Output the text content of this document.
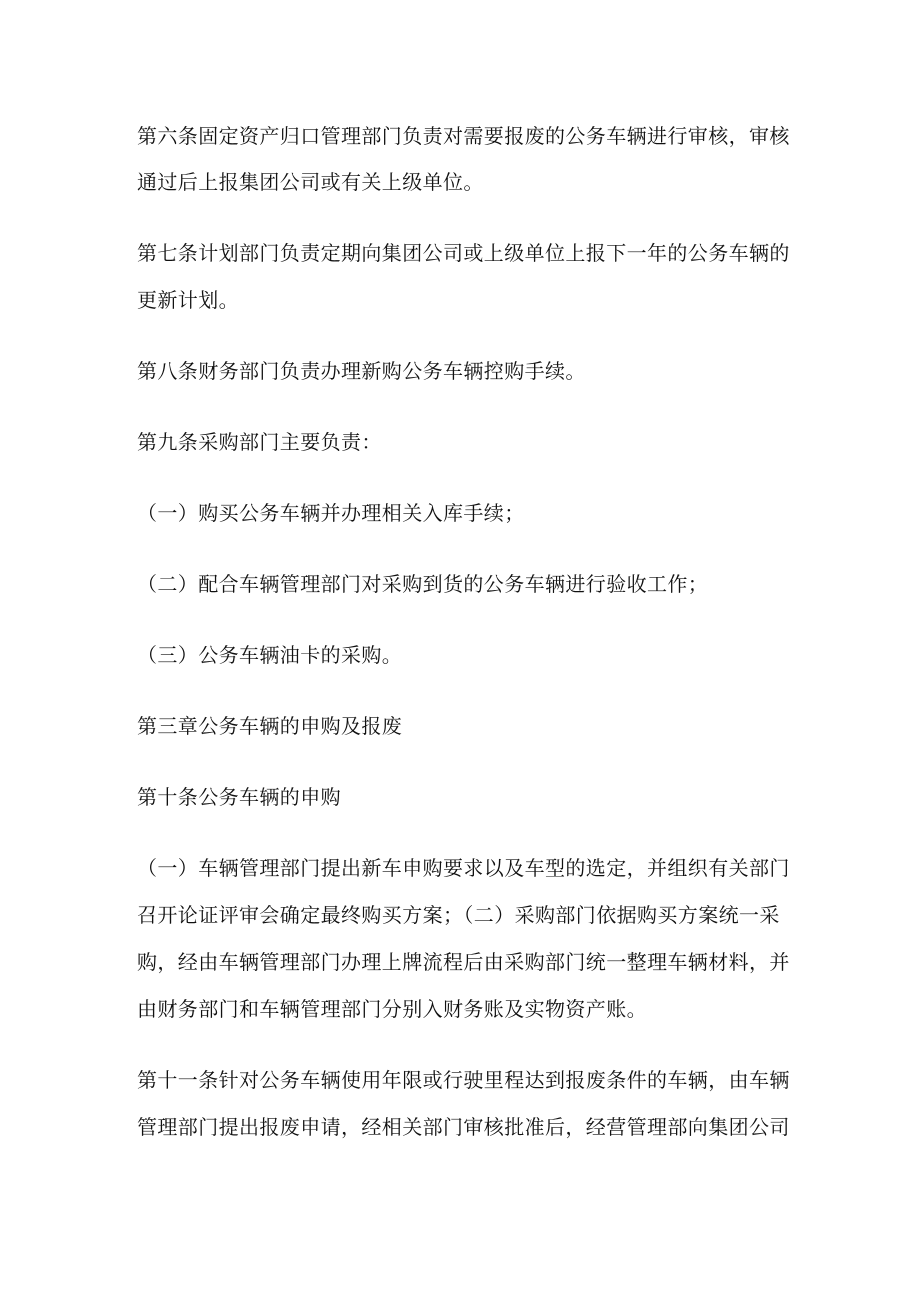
第六条固定资产归口管理部门负责对需要报废的公务车辆进行审核，审核

通过后上报集团公司或有关上级单位。

第七条计划部门负责定期向集团公司或上级单位上报下一年的公务车辆的

更新计划。

第八条财务部门负责办理新购公务车辆控购手续。

第九条采购部门主要负责：

（一）购买公务车辆并办理相关入库手续；

（二）配合车辆管理部门对采购到货的公务车辆进行验收工作；

（三）公务车辆油卡的采购。

第三章公务车辆的申购及报废

第十条公务车辆的申购

（一）车辆管理部门提出新车申购要求以及车型的选定，并组织有关部门

召开论证评审会确定最终购买方案；（二）采购部门依据购买方案统一采

购，经由车辆管理部门办理上牌流程后由采购部门统一整理车辆材料，并

由财务部门和车辆管理部门分别入财务账及实物资产账。

第十一条针对公务车辆使用年限或行驶里程达到报废条件的车辆，由车辆

管理部门提出报废申请，经相关部门审核批准后，经营管理部向集团公司
